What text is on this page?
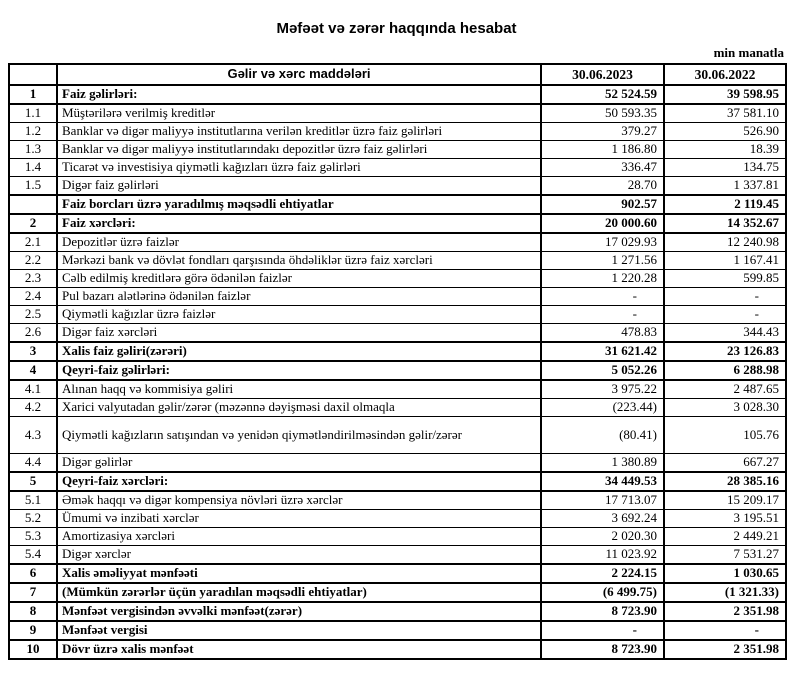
Məfəət və zərər haqqında hesabat
min manatla
	Gəlir və xərc maddələri	30.06.2023	30.06.2022
1	Faiz gəlirləri:	52 524.59	39 598.95
1.1	Müştərilərə verilmiş kreditlər	50 593.35	37 581.10
1.2	Banklar və digər maliyyə institutlarına verilən kreditlər üzrə faiz gəlirləri	379.27	526.90
1.3	Banklar və digər maliyyə institutlarındakı depozitlər üzrə faiz gəlirləri	1 186.80	18.39
1.4	Ticarət və investisiya qiymətli kağızları üzrə faiz gəlirləri	336.47	134.75
1.5	Digər faiz gəlirləri	28.70	1 337.81
	Faiz borcları üzrə yaradılmış məqsədli ehtiyatlar	902.57	2 119.45
2	Faiz xərcləri:	20 000.60	14 352.67
2.1	Depozitlər üzrə faizlər	17 029.93	12 240.98
2.2	Mərkəzi bank və dövlət fondları qarşısında öhdəliklər üzrə faiz xərcləri	1 271.56	1 167.41
2.3	Cəlb edilmiş kreditlərə görə ödənilən faizlər	1 220.28	599.85
2.4	Pul bazarı alətlərinə ödənilən faizlər	-	-
2.5	Qiymətli kağızlar üzrə faizlər	-	-
2.6	Digər faiz xərcləri	478.83	344.43
3	Xalis faiz gəliri(zərəri)	31 621.42	23 126.83
4	Qeyri-faiz gəlirləri:	5 052.26	6 288.98
4.1	Alınan haqq və kommisiya gəliri	3 975.22	2 487.65
4.2	Xarici valyutadan gəlir/zərər (məzənnə dəyişməsi daxil olmaqla	(223.44)	3 028.30
4.3	Qiymətli kağızların satışından və yenidən qiymətləndirilməsindən gəlir/zərər	(80.41)	105.76
4.4	Digər gəlirlər	1 380.89	667.27
5	Qeyri-faiz xərcləri:	34 449.53	28 385.16
5.1	Əmək haqqı və digər kompensiya növləri üzrə xərclər	17 713.07	15 209.17
5.2	Ümumi və inzibati xərclər	3 692.24	3 195.51
5.3	Amortizasiya xərcləri	2 020.30	2 449.21
5.4	Digər xərclər	11 023.92	7 531.27
6	Xalis əməliyyat mənfəəti	2 224.15	1 030.65
7	(Mümkün zərərlər üçün yaradılan məqsədli ehtiyatlar)	(6 499.75)	(1 321.33)
8	Mənfəət vergisindən əvvəlki mənfəət(zərər)	8 723.90	2 351.98
9	Mənfəət vergisi	-	-
10	Dövr üzrə xalis mənfəət	8 723.90	2 351.98
